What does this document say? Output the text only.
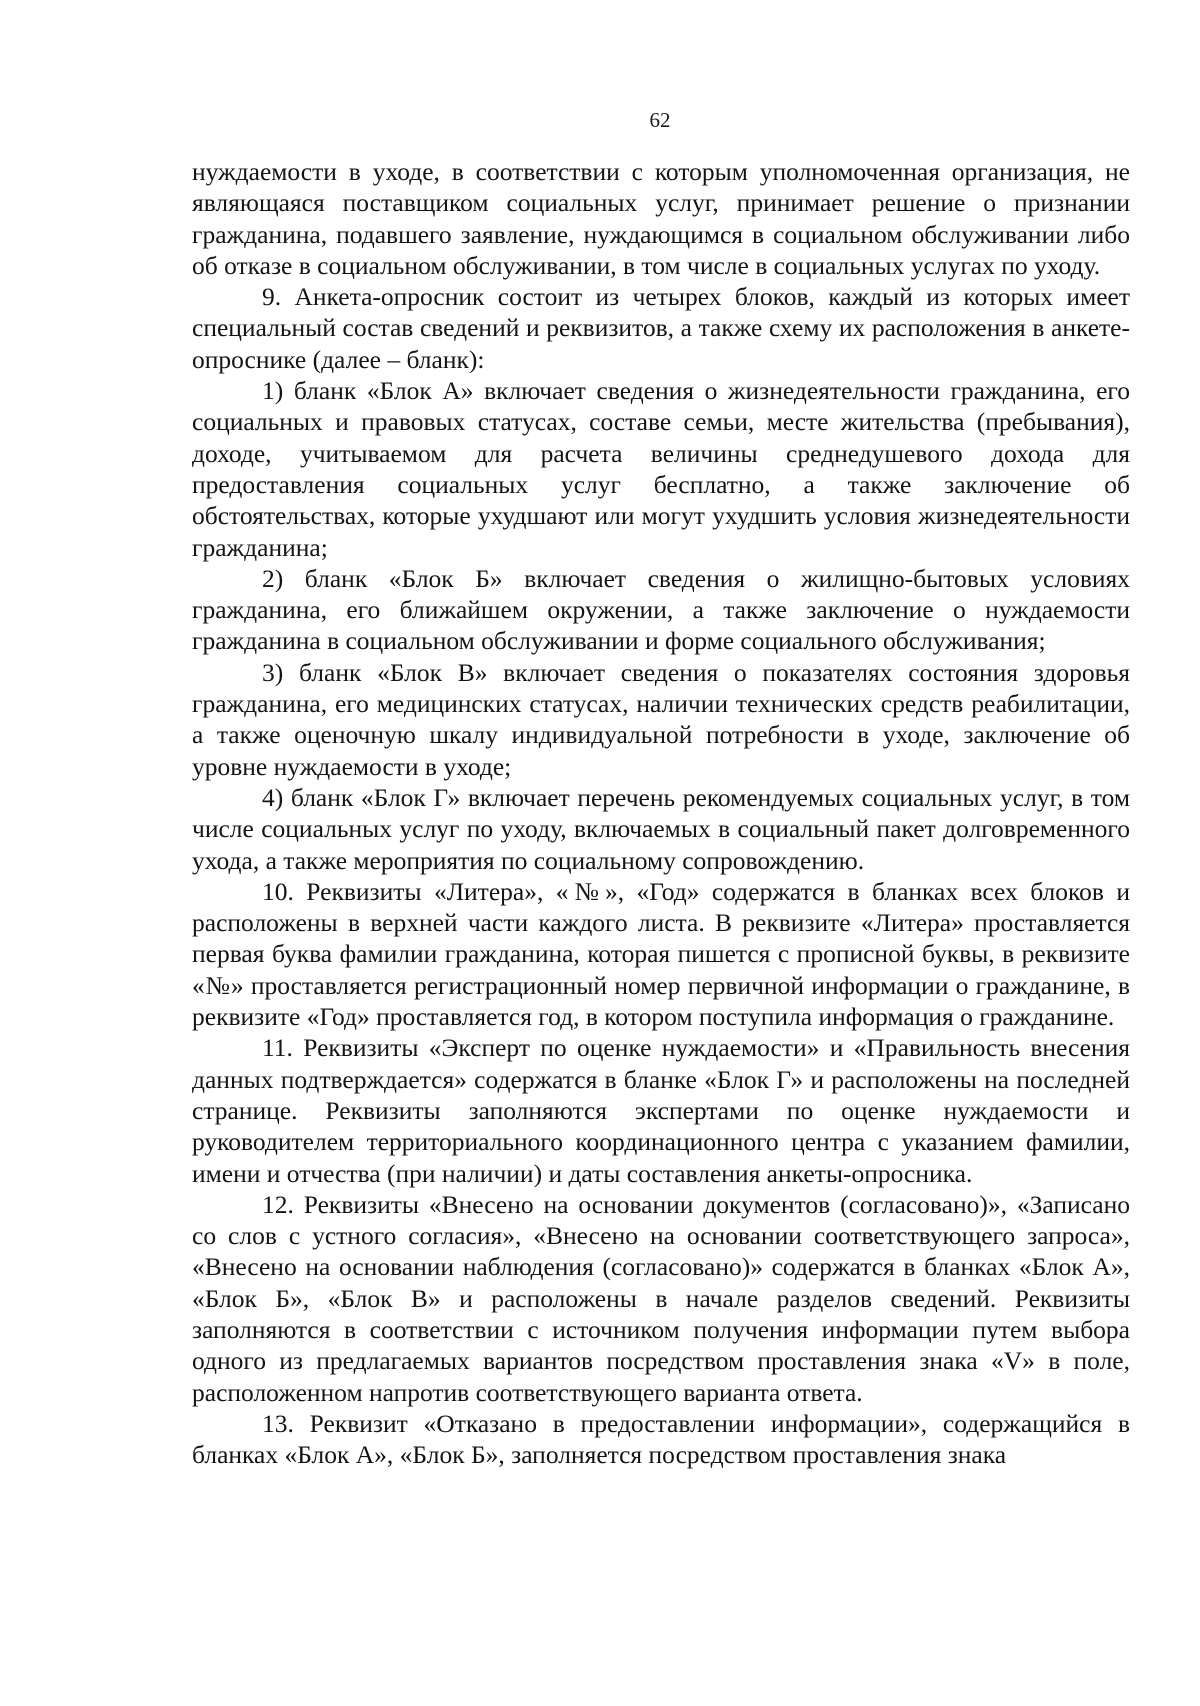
62

нуждаемости в уходе, в соответствии с которым уполномоченная организация, не являющаяся поставщиком социальных услуг, принимает решение о признании гражданина, подавшего заявление, нуждающимся в социальном обслуживании либо об отказе в социальном обслуживании, в том числе в социальных услугах по уходу.

9. Анкета-опросник состоит из четырех блоков, каждый из которых имеет специальный состав сведений и реквизитов, а также схему их расположения в анкете-опроснике (далее – бланк):

1) бланк «Блок А» включает сведения о жизнедеятельности гражданина, его социальных и правовых статусах, составе семьи, месте жительства (пребывания), доходе, учитываемом для расчета величины среднедушевого дохода для предоставления социальных услуг бесплатно, а также заключение об обстоятельствах, которые ухудшают или могут ухудшить условия жизнедеятельности гражданина;

2) бланк «Блок Б» включает сведения о жилищно-бытовых условиях гражданина, его ближайшем окружении, а также заключение о нуждаемости гражданина в социальном обслуживании и форме социального обслуживания;

3) бланк «Блок В» включает сведения о показателях состояния здоровья гражданина, его медицинских статусах, наличии технических средств реабилитации, а также оценочную шкалу индивидуальной потребности в уходе, заключение об уровне нуждаемости в уходе;

4) бланк «Блок Г» включает перечень рекомендуемых социальных услуг, в том числе социальных услуг по уходу, включаемых в социальный пакет долговременного ухода, а также мероприятия по социальному сопровождению.

10. Реквизиты «Литера», «№», «Год» содержатся в бланках всех блоков и расположены в верхней части каждого листа. В реквизите «Литера» проставляется первая буква фамилии гражданина, которая пишется с прописной буквы, в реквизите «№» проставляется регистрационный номер первичной информации о гражданине, в реквизите «Год» проставляется год, в котором поступила информация о гражданине.

11. Реквизиты «Эксперт по оценке нуждаемости» и «Правильность внесения данных подтверждается» содержатся в бланке «Блок Г» и расположены на последней странице. Реквизиты заполняются экспертами по оценке нуждаемости и руководителем территориального координационного центра с указанием фамилии, имени и отчества (при наличии) и даты составления анкеты-опросника.

12. Реквизиты «Внесено на основании документов (согласовано)», «Записано со слов с устного согласия», «Внесено на основании соответствующего запроса», «Внесено на основании наблюдения (согласовано)» содержатся в бланках «Блок А», «Блок Б», «Блок В» и расположены в начале разделов сведений. Реквизиты заполняются в соответствии с источником получения информации путем выбора одного из предлагаемых вариантов посредством проставления знака «V» в поле, расположенном напротив соответствующего варианта ответа.

13. Реквизит «Отказано в предоставлении информации», содержащийся в бланках «Блок А», «Блок Б», заполняется посредством проставления знака
